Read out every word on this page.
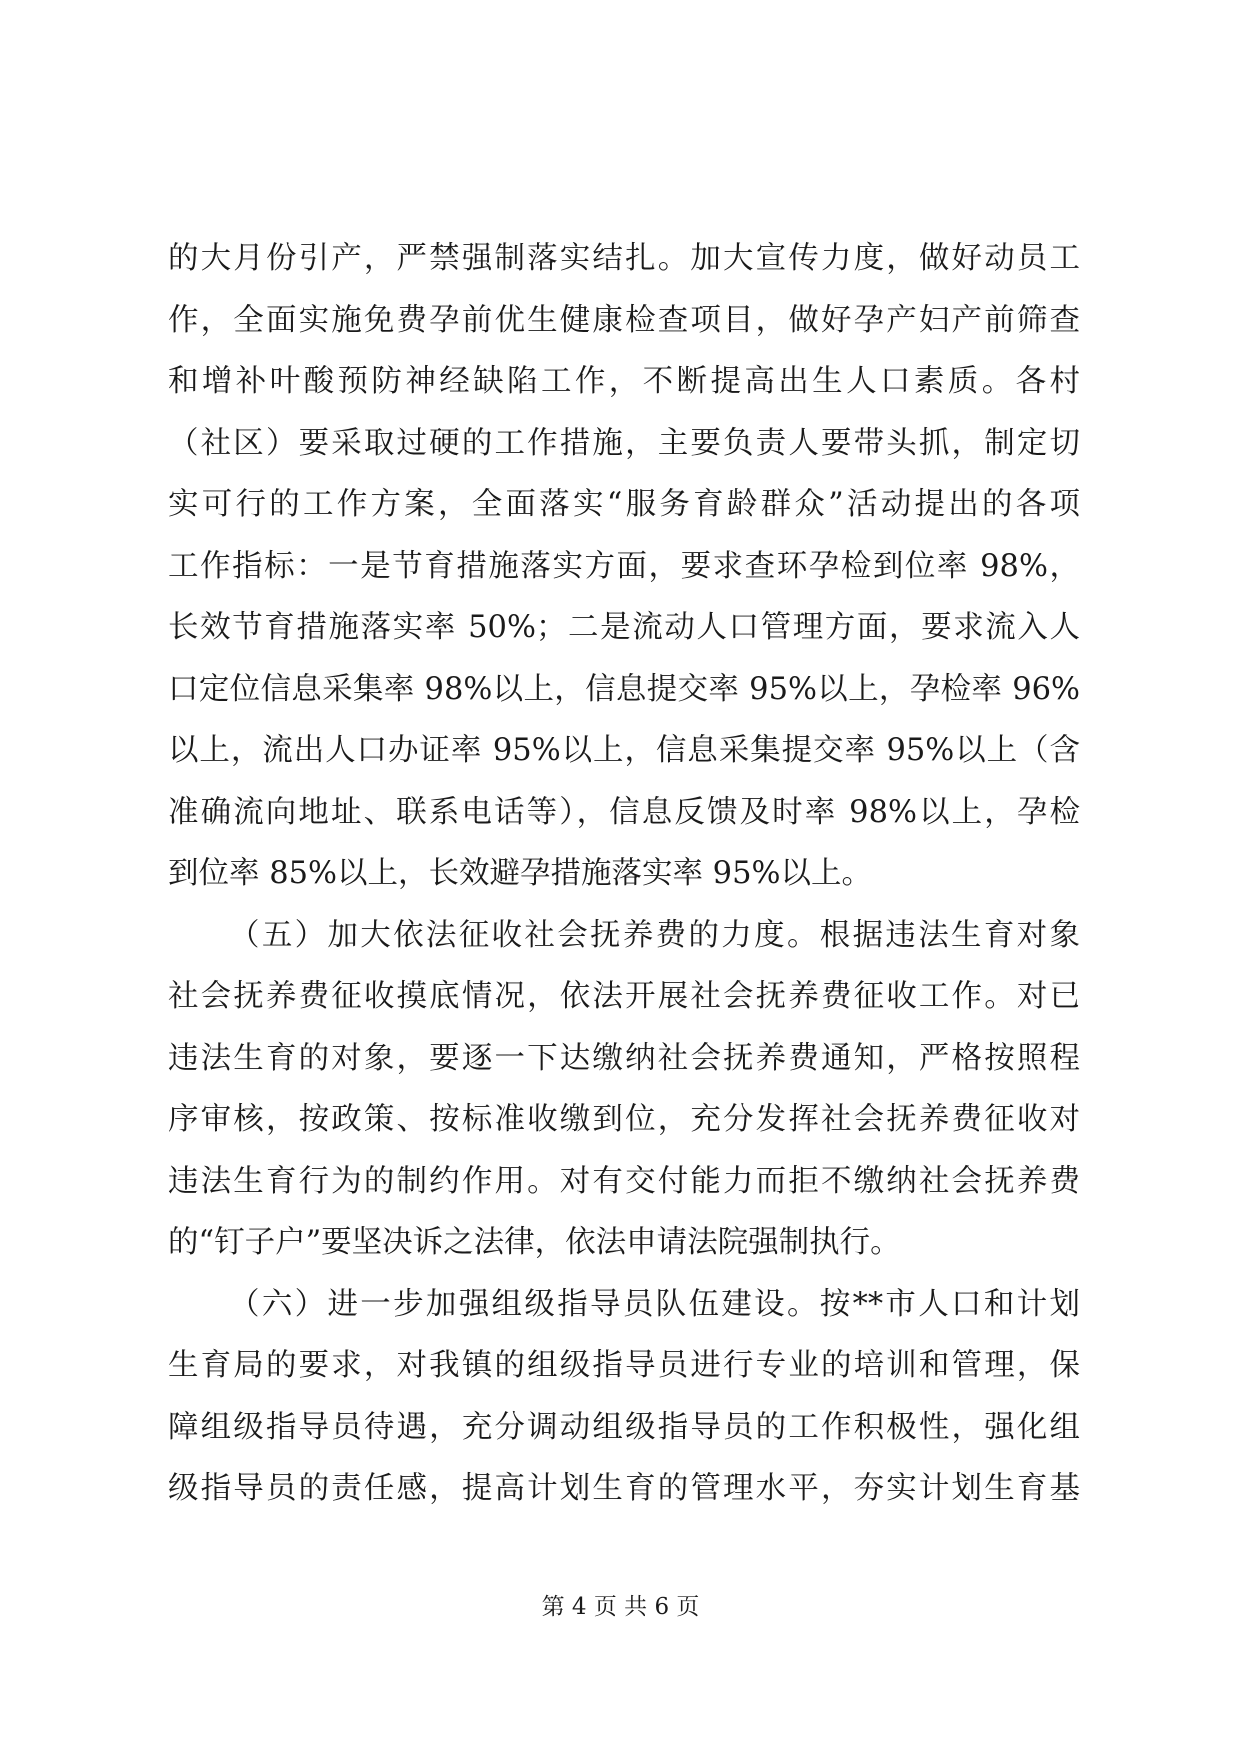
的大月份引产，严禁强制落实结扎。加大宣传力度，做好动员工
作，全面实施免费孕前优生健康检查项目，做好孕产妇产前筛查
和增补叶酸预防神经缺陷工作，不断提高出生人口素质。各村
（社区）要采取过硬的工作措施，主要负责人要带头抓，制定切
实可行的工作方案，全面落实“服务育龄群众”活动提出的各项
工作指标：一是节育措施落实方面，要求查环孕检到位率 98%，
长效节育措施落实率 50%；二是流动人口管理方面，要求流入人
口定位信息采集率 98%以上，信息提交率 95%以上，孕检率 96%
以上，流出人口办证率 95%以上，信息采集提交率 95%以上（含
准确流向地址、联系电话等），信息反馈及时率 98%以上，孕检
到位率 85%以上，长效避孕措施落实率 95%以上。
（五）加大依法征收社会抚养费的力度。根据违法生育对象
社会抚养费征收摸底情况，依法开展社会抚养费征收工作。对已
违法生育的对象，要逐一下达缴纳社会抚养费通知，严格按照程
序审核，按政策、按标准收缴到位，充分发挥社会抚养费征收对
违法生育行为的制约作用。对有交付能力而拒不缴纳社会抚养费
的“钉子户”要坚决诉之法律，依法申请法院强制执行。
（六）进一步加强组级指导员队伍建设。按**市人口和计划
生育局的要求，对我镇的组级指导员进行专业的培训和管理，保
障组级指导员待遇，充分调动组级指导员的工作积极性，强化组
级指导员的责任感，提高计划生育的管理水平，夯实计划生育基
第 4 页 共 6 页
